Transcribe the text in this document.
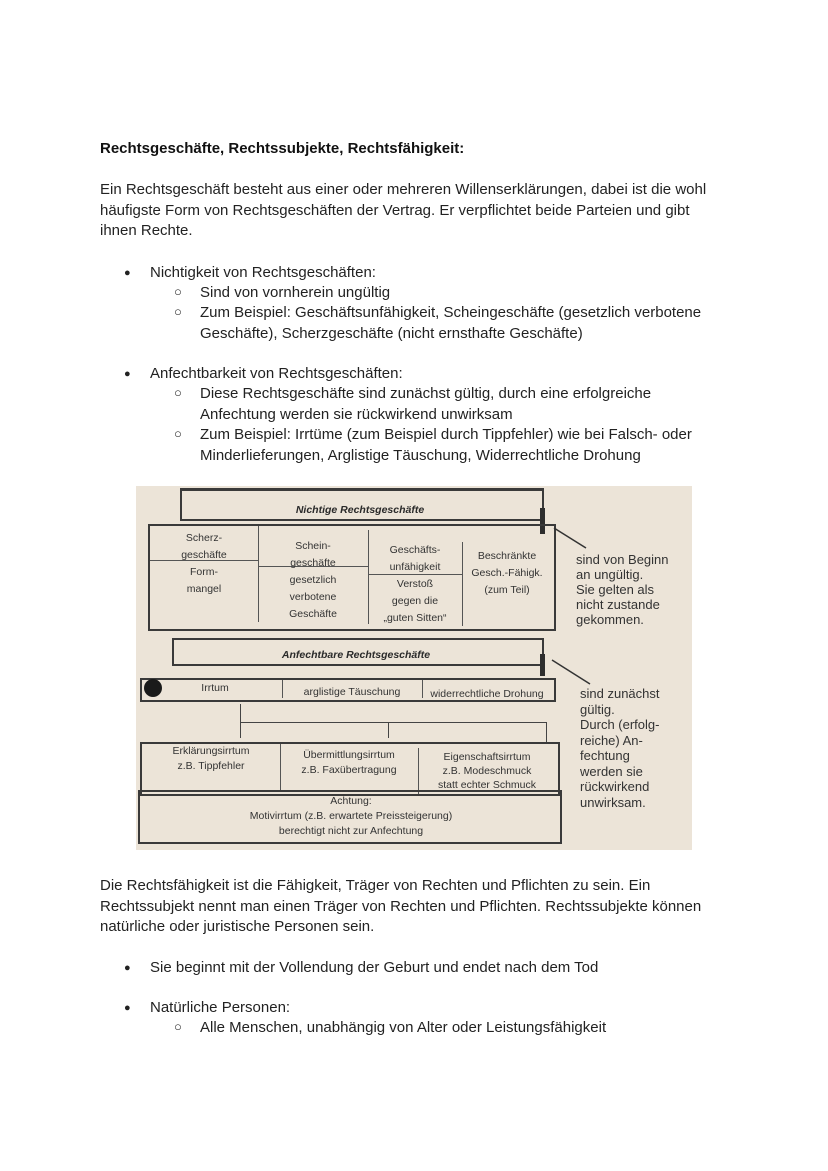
Rechtsgeschäfte, Rechtssubjekte, Rechtsfähigkeit:
Ein Rechtsgeschäft besteht aus einer oder mehreren Willenserklärungen, dabei ist die wohl
häufigste Form von Rechtsgeschäften der Vertrag. Er verpflichtet beide Parteien und gibt
ihnen Rechte.
● Nichtigkeit von Rechtsgeschäften:
○ Sind von vornherein ungültig
○ Zum Beispiel: Geschäftsunfähigkeit, Scheingeschäfte (gesetzlich verbotene
Geschäfte), Scherzgeschäfte (nicht ernsthafte Geschäfte)
● Anfechtbarkeit von Rechtsgeschäften:
○ Diese Rechtsgeschäfte sind zunächst gültig, durch eine erfolgreiche
Anfechtung werden sie rückwirkend unwirksam
○ Zum Beispiel: Irrtüme (zum Beispiel durch Tippfehler) wie bei Falsch- oder
Minderlieferungen, Arglistige Täuschung, Widerrechtliche Drohung
Nichtige Rechtsgeschäfte
Scherz-
geschäfte
Form-
mangel
Schein-
geschäfte
gesetzlich
verbotene
Geschäfte
Geschäfts-
unfähigkeit
Verstoß
gegen die
„guten Sitten“
Beschränkte
Gesch.-Fähigk.
(zum Teil)
sind von Beginn
an ungültig.
Sie gelten als
nicht zustande
gekommen.
Anfechtbare Rechtsgeschäfte
Irrtum	arglistige Täuschung	widerrechtliche Drohung
Erklärungsirrtum
z.B. Tippfehler
Übermittlungsirrtum
z.B. Faxübertragung
Eigenschaftsirrtum
z.B. Modeschmuck
statt echter Schmuck
Achtung:
Motivirrtum (z.B. erwartete Preissteigerung)
berechtigt nicht zur Anfechtung
sind zunächst
gültig.
Durch (erfolg-
reiche) An-
fechtung
werden sie
rückwirkend
unwirksam.
Die Rechtsfähigkeit ist die Fähigkeit, Träger von Rechten und Pflichten zu sein. Ein
Rechtssubjekt nennt man einen Träger von Rechten und Pflichten. Rechtssubjekte können
natürliche oder juristische Personen sein.
● Sie beginnt mit der Vollendung der Geburt und endet nach dem Tod
● Natürliche Personen:
○ Alle Menschen, unabhängig von Alter oder Leistungsfähigkeit
